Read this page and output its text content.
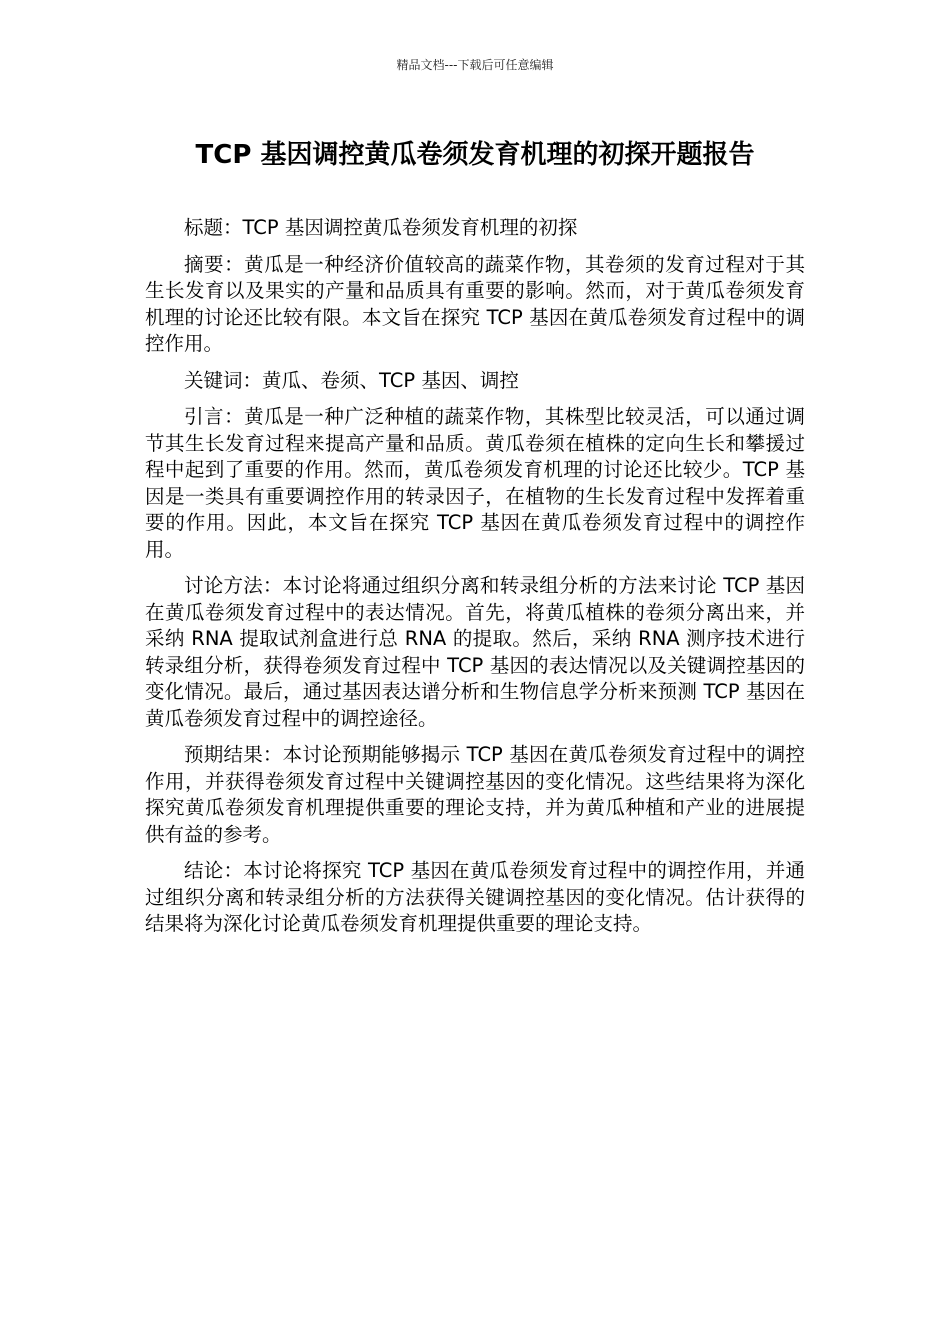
精品文档---下载后可任意编辑
TCP 基因调控黄瓜卷须发育机理的初探开题报告

标题：TCP 基因调控黄瓜卷须发育机理的初探

摘要：黄瓜是一种经济价值较高的蔬菜作物，其卷须的发育过程对于其生长发育以及果实的产量和品质具有重要的影响。然而，对于黄瓜卷须发育机理的讨论还比较有限。本文旨在探究 TCP 基因在黄瓜卷须发育过程中的调控作用。

关键词：黄瓜、卷须、TCP 基因、调控

引言：黄瓜是一种广泛种植的蔬菜作物，其株型比较灵活，可以通过调节其生长发育过程来提高产量和品质。黄瓜卷须在植株的定向生长和攀援过程中起到了重要的作用。然而，黄瓜卷须发育机理的讨论还比较少。TCP 基因是一类具有重要调控作用的转录因子，在植物的生长发育过程中发挥着重要的作用。因此，本文旨在探究 TCP 基因在黄瓜卷须发育过程中的调控作用。

讨论方法：本讨论将通过组织分离和转录组分析的方法来讨论 TCP 基因在黄瓜卷须发育过程中的表达情况。首先，将黄瓜植株的卷须分离出来，并采纳 RNA 提取试剂盒进行总 RNA 的提取。然后，采纳 RNA 测序技术进行转录组分析，获得卷须发育过程中 TCP 基因的表达情况以及关键调控基因的变化情况。最后，通过基因表达谱分析和生物信息学分析来预测 TCP 基因在黄瓜卷须发育过程中的调控途径。

预期结果：本讨论预期能够揭示 TCP 基因在黄瓜卷须发育过程中的调控作用，并获得卷须发育过程中关键调控基因的变化情况。这些结果将为深化探究黄瓜卷须发育机理提供重要的理论支持，并为黄瓜种植和产业的进展提供有益的参考。

结论：本讨论将探究 TCP 基因在黄瓜卷须发育过程中的调控作用，并通过组织分离和转录组分析的方法获得关键调控基因的变化情况。估计获得的结果将为深化讨论黄瓜卷须发育机理提供重要的理论支持。
